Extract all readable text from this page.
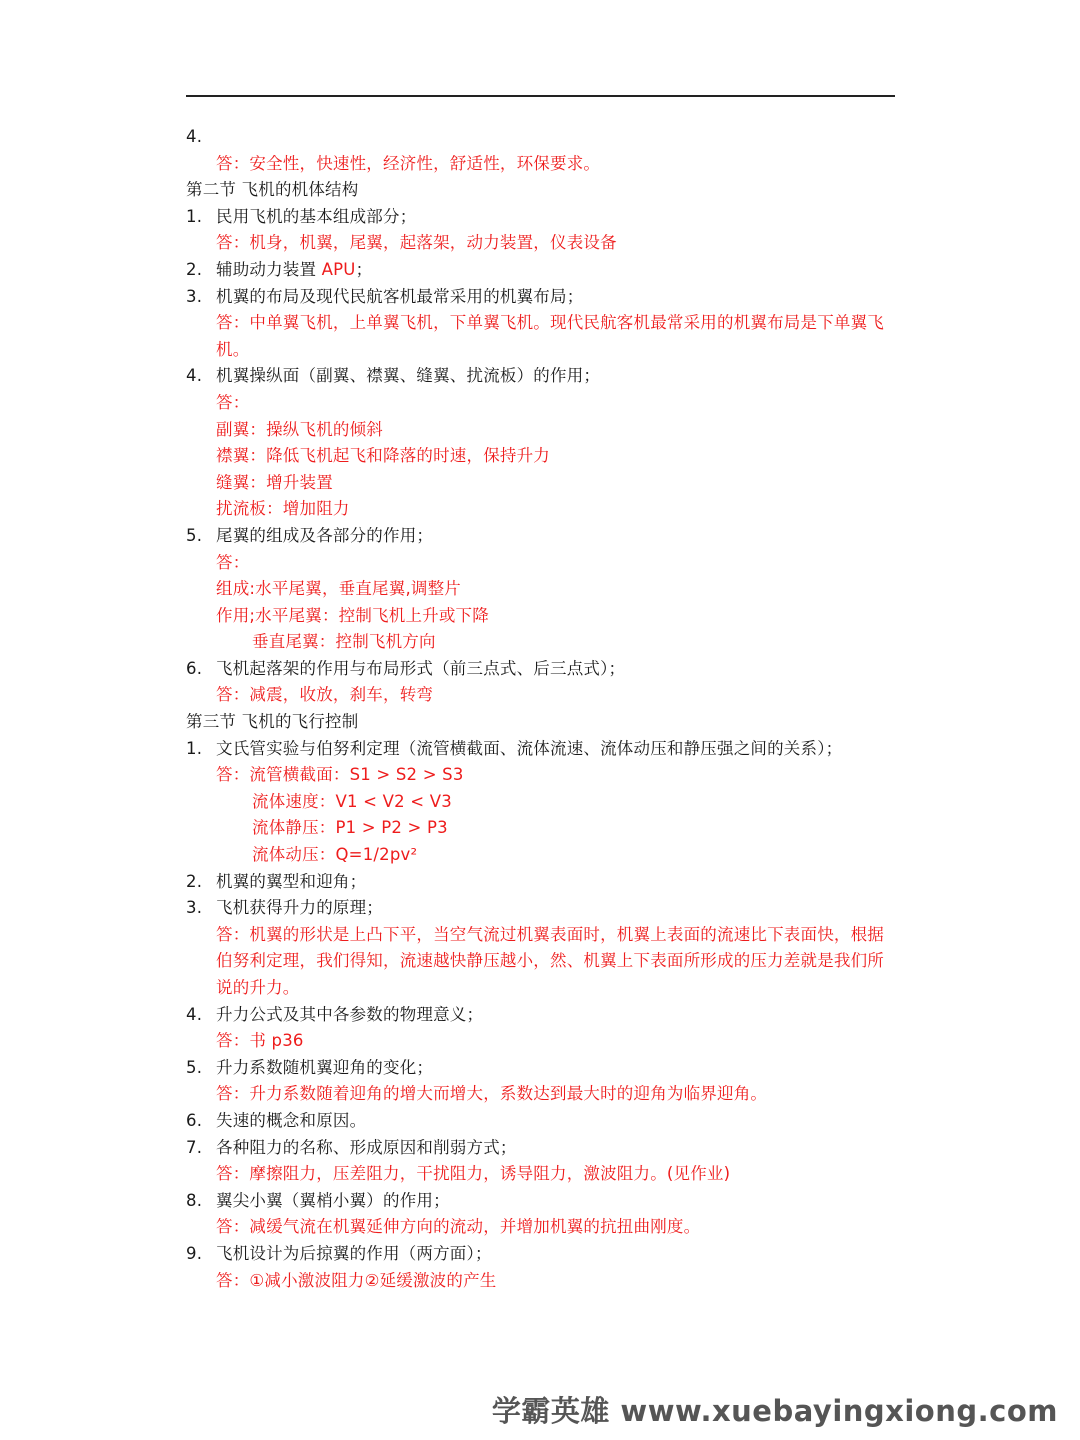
4.
答：安全性，快速性，经济性，舒适性，环保要求。
第二节 飞机的机体结构
1. 民用飞机的基本组成部分；
答：机身，机翼，尾翼，起落架，动力装置，仪表设备
2. 辅助动力装置 APU；
3. 机翼的布局及现代民航客机最常采用的机翼布局；
答：中单翼飞机，上单翼飞机，下单翼飞机。现代民航客机最常采用的机翼布局是下单翼飞机。
4. 机翼操纵面（副翼、襟翼、缝翼、扰流板）的作用；
答：
副翼：操纵飞机的倾斜
襟翼：降低飞机起飞和降落的时速，保持升力
缝翼：增升装置
扰流板：增加阻力
5. 尾翼的组成及各部分的作用；
答：
组成:水平尾翼，垂直尾翼,调整片
作用;水平尾翼：控制飞机上升或下降
垂直尾翼：控制飞机方向
6. 飞机起落架的作用与布局形式（前三点式、后三点式）；
答：减震，收放，刹车，转弯
第三节 飞机的飞行控制
1. 文氏管实验与伯努利定理（流管横截面、流体流速、流体动压和静压强之间的关系）；
答：流管横截面：S1 > S2 > S3
流体速度：V1 < V2 < V3
流体静压：P1 > P2 > P3
流体动压：Q=1/2pv²
2. 机翼的翼型和迎角；
3. 飞机获得升力的原理；
答：机翼的形状是上凸下平，当空气流过机翼表面时，机翼上表面的流速比下表面快，根据伯努利定理，我们得知，流速越快静压越小，然、机翼上下表面所形成的压力差就是我们所说的升力。
4. 升力公式及其中各参数的物理意义；
答：书 p36
5. 升力系数随机翼迎角的变化；
答：升力系数随着迎角的增大而增大，系数达到最大时的迎角为临界迎角。
6. 失速的概念和原因。
7. 各种阻力的名称、形成原因和削弱方式；
答：摩擦阻力，压差阻力，干扰阻力，诱导阻力，激波阻力。(见作业)
8. 翼尖小翼（翼梢小翼）的作用；
答：减缓气流在机翼延伸方向的流动，并增加机翼的抗扭曲刚度。
9. 飞机设计为后掠翼的作用（两方面）；
答：①减小激波阻力②延缓激波的产生
学霸英雄 www.xuebayingxiong.com
